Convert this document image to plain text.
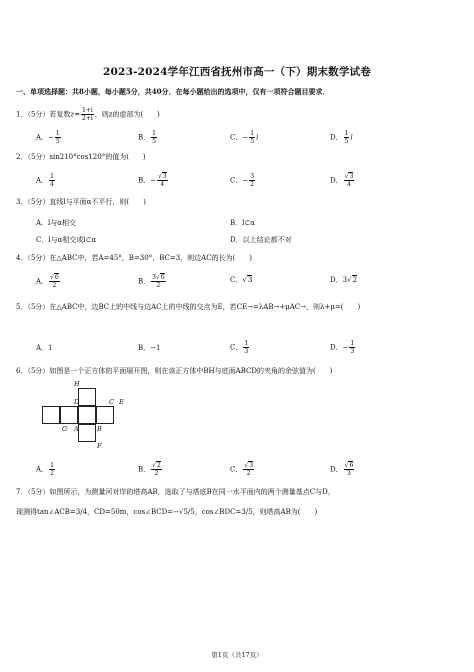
2023-2024学年江西省抚州市高一（下）期末数学试卷
一、单项选择题：共8小题，每小题5分，共40分．在每小题给出的选项中，仅有一项符合题目要求．
1．（5分）若复数$z= \frac{1+i}{2+i}$ ，则z的虚部为(　　)
A．− $\frac{1}{5}$	B． $\frac{1}{5}$	C．− $\frac{1}{5}$ i	D． $\frac{1}{5}$ i
2．（5分）sin210°cos120°的值为(　　)
A． $\frac{1}{4}$	B．− √ $\frac{3}{4}$	C．− $\frac{3}{2}$	D． √ $\frac{3}{4}$
3．（5分）直线l与平面α不平行，则(　　)
A．l与α相交	B．l⊂α
C．l与α相交或l⊂α	D．以上结论都不对
4．（5分）在△ABC中，若A=45°，B=30°，BC=3，则边AC的长为(　　)
A． √ $\frac{6}{2}$	B． $\frac{3 √ 6}{2}$	C． √ 3	D．3 √ 2
5．（5分）在△ABC中，边BC上的中线与边AC上的中线的交点为E，若CE→=λAB→+μAC→，则λ+μ=(　　)
A．1	B．−1	C． $\frac{1}{3}$	D．− $\frac{1}{3}$
6．（5分）如图是一个正方体的平面展开图，则在该正方体中BH与底面ABCD的夹角的余弦值为(　　)
H
D	C E
G A	B
F
A． $\frac{1}{2}$	B． √ $\frac{2}{2}$	C． √ $\frac{3}{2}$	D． √ $\frac{6}{3}$
7．（5分）如图所示，为测量河对岸的塔高AB，选取了与塔底B在同一水平面内的两个测量基点C与D，
现测得tan∠ACB=3/4，CD=50m，cos∠BCD=−√5/5，cos∠BDC=3/5，则塔高AB为(　　)
第1页（共17页）
